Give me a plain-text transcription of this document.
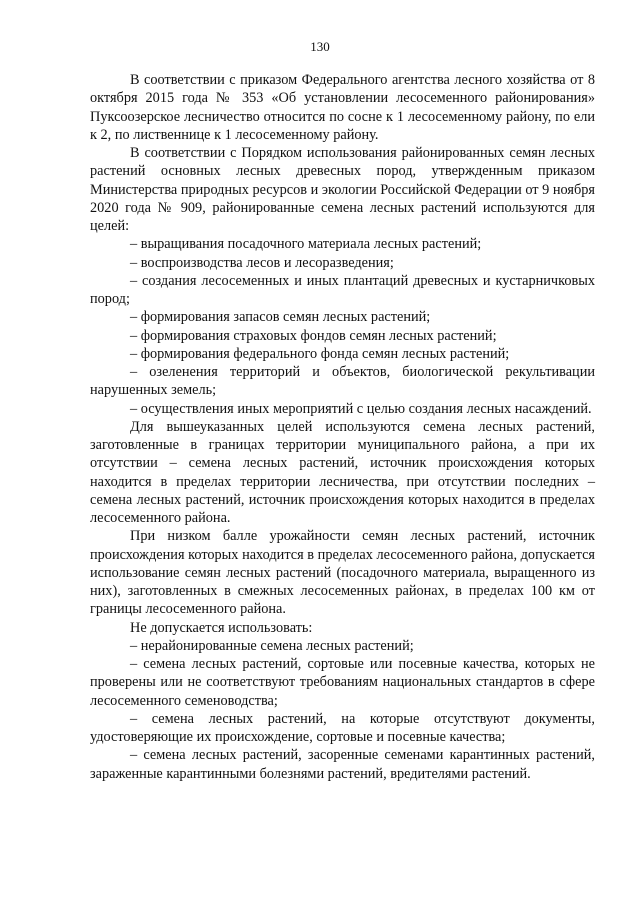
130

В соответствии с приказом Федерального агентства лесного хозяйства от 8 октября 2015 года № 353 «Об установлении лесосеменного районирования» Пуксоозерское лесничество относится по сосне к 1 лесосеменному району, по ели к 2, по лиственнице к 1 лесосеменному району.

В соответствии с Порядком использования районированных семян лесных растений основных лесных древесных пород, утвержденным приказом Министерства природных ресурсов и экологии Российской Федерации от 9 ноября 2020 года № 909, районированные семена лесных растений используются для целей:

– выращивания посадочного материала лесных растений;

– воспроизводства лесов и лесоразведения;

– создания лесосеменных и иных плантаций древесных и кустарничковых пород;

– формирования запасов семян лесных растений;

– формирования страховых фондов семян лесных растений;

– формирования федерального фонда семян лесных растений;

– озеленения территорий и объектов, биологической рекультивации нарушенных земель;

– осуществления иных мероприятий с целью создания лесных насаждений.

Для вышеуказанных целей используются семена лесных растений, заготовленные в границах территории муниципального района, а при их отсутствии – семена лесных растений, источник происхождения которых находится в пределах территории лесничества, при отсутствии последних – семена лесных растений, источник происхождения которых находится в пределах лесосеменного района.

При низком балле урожайности семян лесных растений, источник происхождения которых находится в пределах лесосеменного района, допускается использование семян лесных растений (посадочного материала, выращенного из них), заготовленных в смежных лесосеменных районах, в пределах 100 км от границы лесосеменного района.

Не допускается использовать:

– нерайонированные семена лесных растений;

– семена лесных растений, сортовые или посевные качества, которых не проверены или не соответствуют требованиям национальных стандартов в сфере лесосеменного семеноводства;

– семена лесных растений, на которые отсутствуют документы, удостоверяющие их происхождение, сортовые и посевные качества;

– семена лесных растений, засоренные семенами карантинных растений, зараженные карантинными болезнями растений, вредителями растений.
